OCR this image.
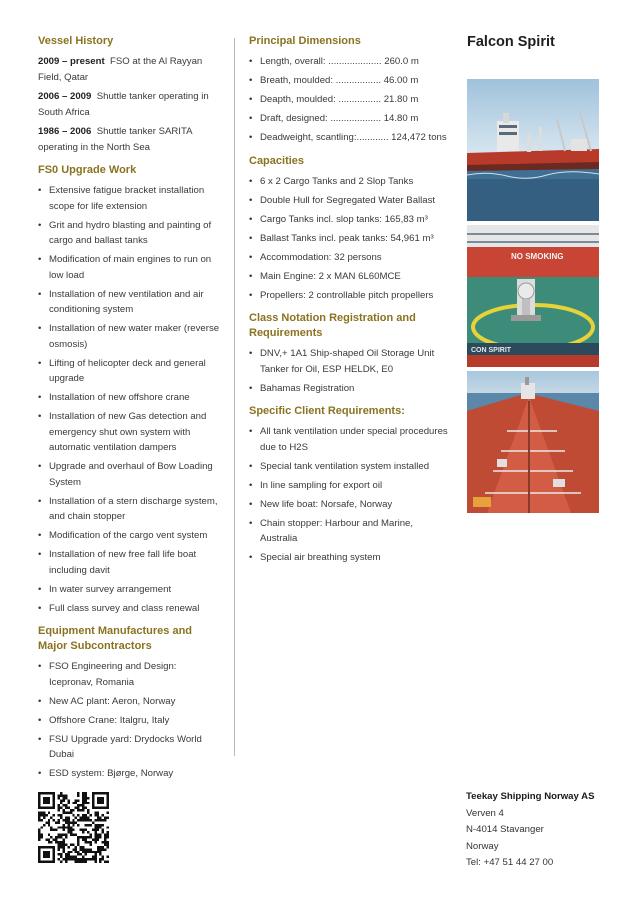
Vessel History

2009 – present FSO at the Al Rayyan Field, Qatar

2006 – 2009 Shuttle tanker operating in South Africa

1986 – 2006 Shuttle tanker SARITA operating in the North Sea

FS0 Upgrade Work
• Extensive fatigue bracket installation scope for life extension
• Grit and hydro blasting and painting of cargo and ballast tanks
• Modification of main engines to run on low load
• Installation of new ventilation and air conditioning system
• Installation of new water maker (reverse osmosis)
• Lifting of helicopter deck and general upgrade
• Installation of new offshore crane
• Installation of new Gas detection and emergency shut own system with automatic ventilation dampers
• Upgrade and overhaul of Bow Loading System
• Installation of a stern discharge system, and chain stopper
• Modification of the cargo vent system
• Installation of new free fall life boat including davit
• In water survey arrangement
• Full class survey and class renewal
Equipment Manufactures and Major Subcontractors
• FSO Engineering and Design: Icepronav, Romania
• New AC plant: Aeron, Norway
• Offshore Crane: Italgru, Italy
• FSU Upgrade yard: Drydocks World Dubai
• ESD system: Bjørge, Norway
Principal Dimensions
• Length, overall: .................... 260.0 m
• Breath, moulded: ................. 46.00 m
• Deapth, moulded: ................ 21.80 m
• Draft, designed: ................... 14.80 m
• Deadweight, scantling:............ 124,472 tons
Capacities
• 6 x 2 Cargo Tanks and 2 Slop Tanks
• Double Hull for Segregated Water Ballast
• Cargo Tanks incl. slop tanks: 165,83 m³
• Ballast Tanks incl. peak tanks: 54,961 m³
• Accommodation: 32 persons
• Main Engine: 2 x MAN 6L60MCE
• Propellers: 2 controllable pitch propellers
Class Notation Registration and Requirements
• DNV,+ 1A1 Ship-shaped Oil Storage Unit Tanker for Oil, ESP HELDK, E0
• Bahamas Registration
Specific Client Requirements:
• All tank ventilation under special procedures due to H2S
• Special tank ventilation system installed
• In line sampling for export oil
• New life boat: Norsafe, Norway
• Chain stopper: Harbour and Marine, Australia
• Special air breathing system
Falcon Spirit
NO SMOKING
CON SPIRIT
Teekay Shipping Norway AS
Verven 4
N-4014 Stavanger
Norway
Tel: +47 51 44 27 00
